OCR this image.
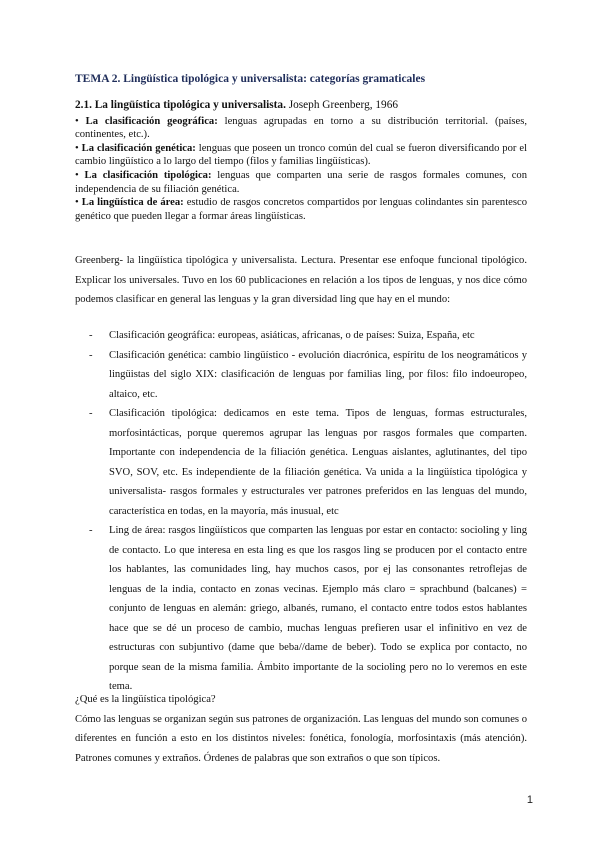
TEMA 2. Lingüística tipológica y universalista: categorías gramaticales

2.1. La lingüística tipológica y universalista. Joseph Greenberg, 1966

• La clasificación geográfica: lenguas agrupadas en torno a su distribución territorial. (países, continentes, etc.).

• La clasificación genética: lenguas que poseen un tronco común del cual se fueron diversificando por el cambio lingüístico a lo largo del tiempo (filos y familias lingüísticas).

• La clasificación tipológica: lenguas que comparten una serie de rasgos formales comunes, con independencia de su filiación genética.

• La lingüística de área: estudio de rasgos concretos compartidos por lenguas colindantes sin parentesco genético que pueden llegar a formar áreas lingüísticas.

Greenberg- la lingüística tipológica y universalista. Lectura. Presentar ese enfoque funcional tipológico. Explicar los universales. Tuvo en los 60 publicaciones en relación a los tipos de lenguas, y nos dice cómo podemos clasificar en general las lenguas y la gran diversidad ling que hay en el mundo:

- Clasificación geográfica: europeas, asiáticas, africanas, o de países: Suiza, España, etc
- Clasificación genética: cambio lingüístico - evolución diacrónica, espíritu de los neogramáticos y lingüistas del siglo XIX: clasificación de lenguas por familias ling, por filos: filo indoeuropeo, altaico, etc.
- Clasificación tipológica: dedicamos en este tema. Tipos de lenguas, formas estructurales, morfosintácticas, porque queremos agrupar las lenguas por rasgos formales que comparten. Importante con independencia de la filiación genética. Lenguas aislantes, aglutinantes, del tipo SVO, SOV, etc. Es independiente de la filiación genética. Va unida a la lingüística tipológica y universalista- rasgos formales y estructurales ver patrones preferidos en las lenguas del mundo, característica en todas, en la mayoría, más inusual, etc
- Ling de área: rasgos lingüísticos que comparten las lenguas por estar en contacto: socioling y ling de contacto. Lo que interesa en esta ling es que los rasgos ling se producen por el contacto entre los hablantes, las comunidades ling, hay muchos casos, por ej las consonantes retroflejas de lenguas de la india, contacto en zonas vecinas. Ejemplo más claro = sprachbund (balcanes) = conjunto de lenguas en alemán: griego, albanés, rumano, el contacto entre todos estos hablantes hace que se dé un proceso de cambio, muchas lenguas prefieren usar el infinitivo en vez de estructuras con subjuntivo (dame que beba//dame de beber). Todo se explica por contacto, no porque sean de la misma familia. Ámbito importante de la socioling pero no lo veremos en este tema.

¿Qué es la lingüística tipológica?

Cómo las lenguas se organizan según sus patrones de organización. Las lenguas del mundo son comunes o diferentes en función a esto en los distintos niveles: fonética, fonología, morfosintaxis (más atención). Patrones comunes y extraños. Órdenes de palabras que son extraños o que son típicos.

1
